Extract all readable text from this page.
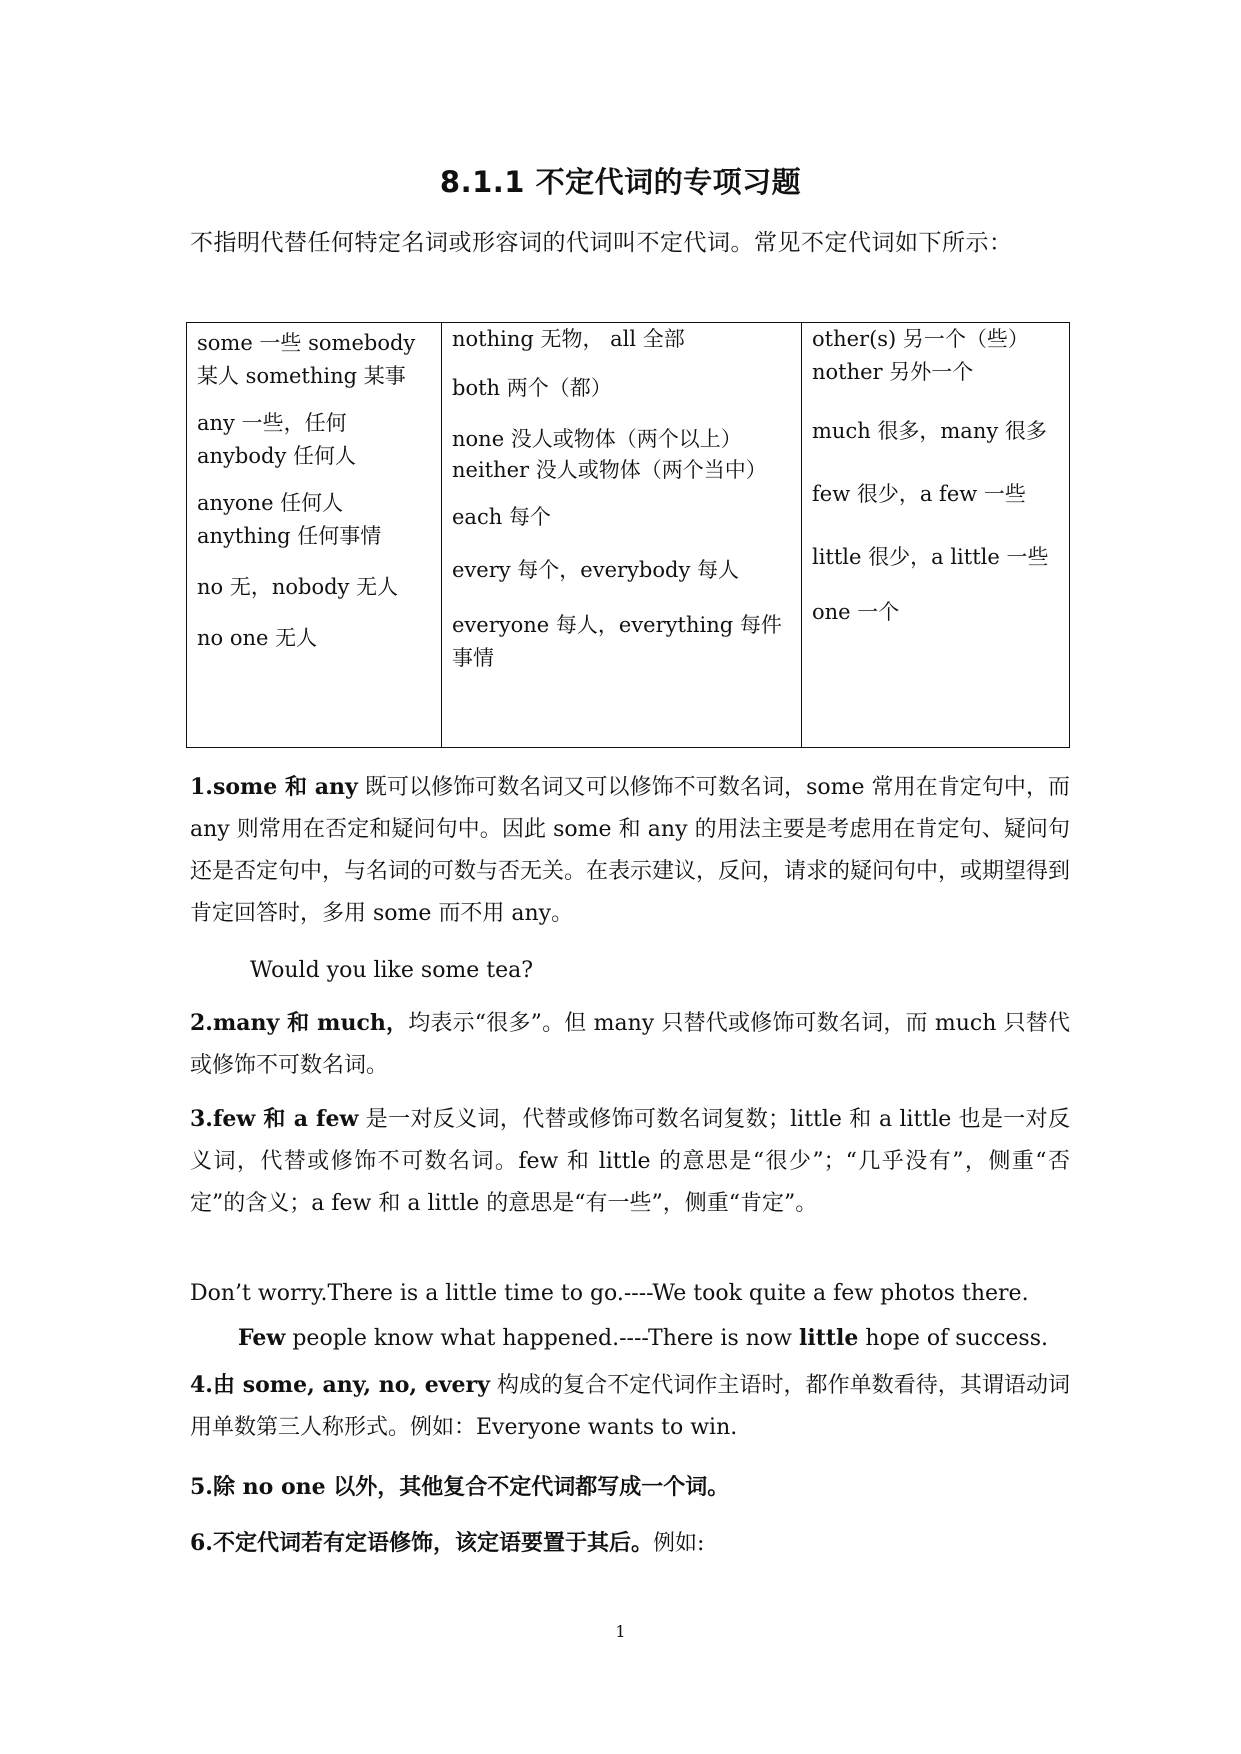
8.1.1 不定代词的专项习题

不指明代替任何特定名词或形容词的代词叫不定代词。常见不定代词如下所示：

some 一些 somebody 某人 something 某事

any 一些，任何 anybody 任何人

anyone 任何人 anything 任何事情

no 无，nobody 无人

no one 无人

nothing 无物， all 全部

both 两个（都）

none 没人或物体（两个以上）

neither 没人或物体（两个当中）

each 每个

every 每个，everybody 每人

everyone 每人，everything 每件事情

other(s) 另一个（些）

nother 另外一个

much 很多，many 很多

few 很少，a few 一些

little 很少，a little 一些

one 一个

1.some 和 any 既可以修饰可数名词又可以修饰不可数名词，some 常用在肯定句中，而 any 则常用在否定和疑问句中。因此 some 和 any 的用法主要是考虑用在肯定句、疑问句还是否定句中，与名词的可数与否无关。在表示建议，反问，请求的疑问句中，或期望得到肯定回答时，多用 some 而不用 any。

Would you like some tea?

2.many 和 much，均表示“很多”。但 many 只替代或修饰可数名词，而 much 只替代或修饰不可数名词。

3.few 和 a few 是一对反义词，代替或修饰可数名词复数；little 和 a little 也是一对反义词，代替或修饰不可数名词。few 和 little 的意思是“很少”；“几乎没有”，侧重“否定”的含义；a few 和 a little 的意思是“有一些”，侧重“肯定”。

Don’t worry.There is a little time to go.----We took quite a few photos there.

Few people know what happened.----There is now little hope of success.

4.由 some, any, no, every 构成的复合不定代词作主语时，都作单数看待，其谓语动词用单数第三人称形式。例如：Everyone wants to win.

5.除 no one 以外，其他复合不定代词都写成一个词。

6.不定代词若有定语修饰，该定语要置于其后。例如:

1
